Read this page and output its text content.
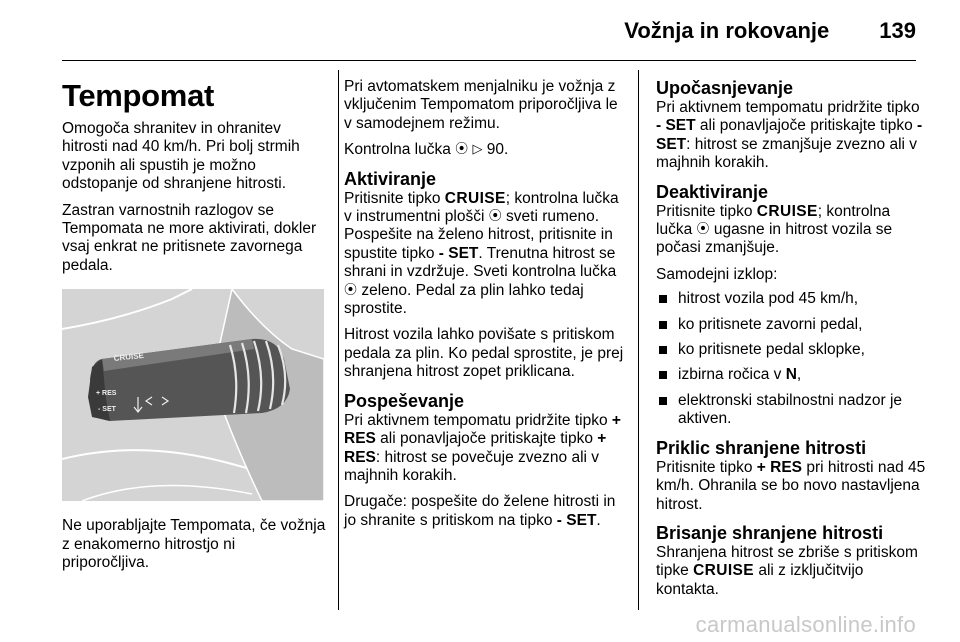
Vožnja in rokovanje 139
Tempomat

Omogoča shranitev in ohranitev hitrosti nad 40 km/h. Pri bolj strmih vzponih ali spustih je možno odstopanje od shranjene hitrosti.

Zastran varnostnih razlogov se Tempomata ne more aktivirati, dokler vsaj enkrat ne pritisnete zavornega pedala.

CRUISE
+ RES
- SET

Ne uporabljajte Tempomata, če vožnja z enakomerno hitrostjo ni priporočljiva.

Pri avtomatskem menjalniku je vožnja z vključenim Tempomatom priporočljiva le v samodejnem režimu.

Kontrolna lučka ⦿ ▷ 90.

Aktiviranje

Pritisnite tipko CRUISE; kontrolna lučka v instrumentni plošči ⦿ sveti rumeno. Pospešite na želeno hitrost, pritisnite in spustite tipko - SET. Trenutna hitrost se shrani in vzdržuje. Sveti kontrolna lučka ⦿ zeleno. Pedal za plin lahko tedaj sprostite.

Hitrost vozila lahko povišate s pritiskom pedala za plin. Ko pedal sprostite, je prej shranjena hitrost zopet priklicana.

Pospeševanje

Pri aktivnem tempomatu pridržite tipko + RES ali ponavljajoče pritiskajte tipko + RES: hitrost se povečuje zvezno ali v majhnih korakih.

Drugače: pospešite do želene hitrosti in jo shranite s pritiskom na tipko - SET.

Upočasnjevanje

Pri aktivnem tempomatu pridržite tipko - SET ali ponavljajoče pritiskajte tipko - SET: hitrost se zmanjšuje zvezno ali v majhnih korakih.

Deaktiviranje

Pritisnite tipko CRUISE; kontrolna lučka ⦿ ugasne in hitrost vozila se počasi zmanjšuje.

Samodejni izklop:

hitrost vozila pod 45 km/h,
ko pritisnete zavorni pedal,
ko pritisnete pedal sklopke,
izbirna ročica v N,
elektronski stabilnostni nadzor je aktiven.
Priklic shranjene hitrosti

Pritisnite tipko + RES pri hitrosti nad 45 km/h. Ohranila se bo novo nastavljena hitrost.

Brisanje shranjene hitrosti

Shranjena hitrost se zbriše s pritiskom tipke CRUISE ali z izključitvijo kontakta.

carmanualsonline.info
